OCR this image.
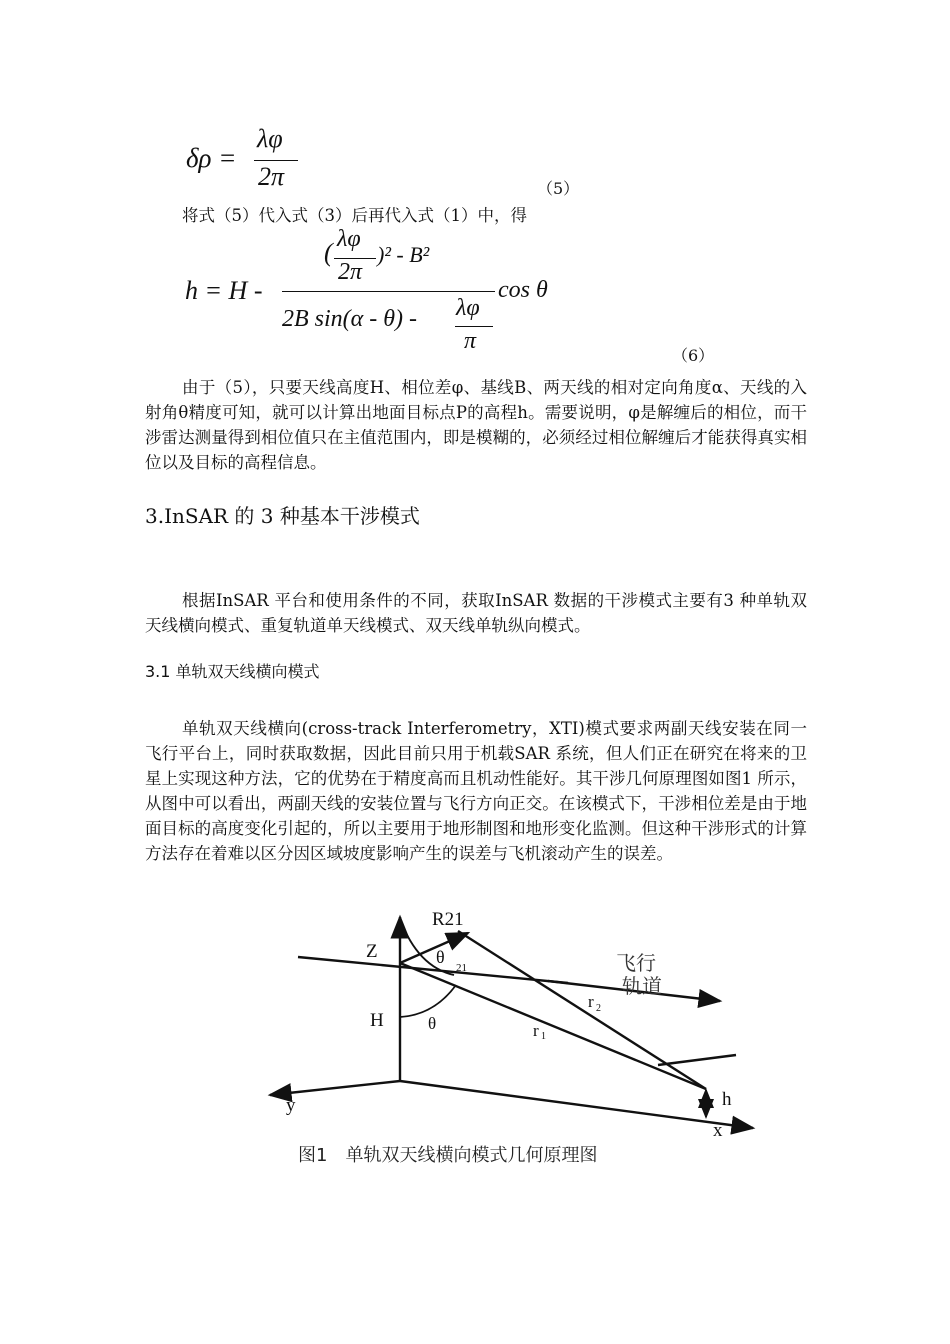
δρ =
λφ
2π	（5）
将式（5）代入式（3）后再代入式（1）中，得
h = H -
( λφ
2π
)² - B²
2B sin(α - θ) - λφ
π
cos θ
（6）
由于（5），只要天线高度H、相位差φ、基线B、两天线的相对定向角度α、天线的入射角θ精度可知，就可以计算出地面目标点P的高程h。需要说明，φ是解缠后的相位，而干涉雷达测量得到相位值只在主值范围内，即是模糊的，必须经过相位解缠后才能获得真实相位以及目标的高程信息。
3.InSAR 的 3 种基本干涉模式
根据InSAR 平台和使用条件的不同，获取InSAR 数据的干涉模式主要有3 种单轨双天线横向模式、重复轨道单天线模式、双天线单轨纵向模式。
3.1 单轨双天线横向模式
单轨双天线横向(cross-track Interferometry，XTI)模式要求两副天线安装在同一飞行平台上，同时获取数据，因此目前只用于机载SAR 系统，但人们正在研究在将来的卫星上实现这种方法，它的优势在于精度高而且机动性能好。其干涉几何原理图如图1 所示，从图中可以看出，两副天线的安装位置与飞行方向正交。在该模式下，干涉相位差是由于地面目标的高度变化引起的，所以主要用于地形制图和地形变化监测。但这种干涉形式的计算方法存在着难以区分因区域坡度影响产生的误差与飞机滚动产生的误差。
R21
Z	θ
21
H	θ	r 1
r 2
y
x
h
飞行
轨道
图1　单轨双天线横向模式几何原理图
